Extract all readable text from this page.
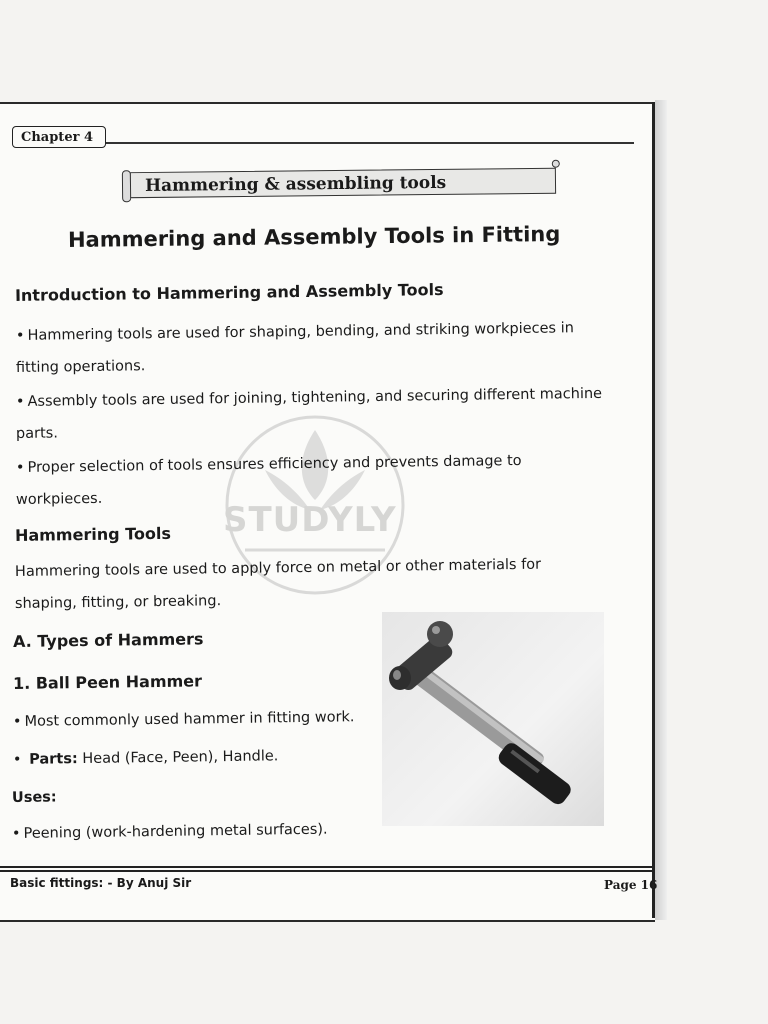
Chapter 4
Hammering & assembling tools
Hammering and Assembly Tools in Fitting
STUDYLY
Introduction to Hammering and Assembly Tools
• Hammering tools are used for shaping, bending, and striking workpieces in
fitting operations.
• Assembly tools are used for joining, tightening, and securing different machine
parts.
• Proper selection of tools ensures efficiency and prevents damage to
workpieces.
Hammering Tools
Hammering tools are used to apply force on metal or other materials for
shaping, fitting, or breaking.
A. Types of Hammers
1. Ball Peen Hammer
• Most commonly used hammer in fitting work.
• Parts: Head (Face, Peen), Handle.
Uses:
• Peening (work-hardening metal surfaces).
Basic fittings: - By Anuj Sir	Page 16
